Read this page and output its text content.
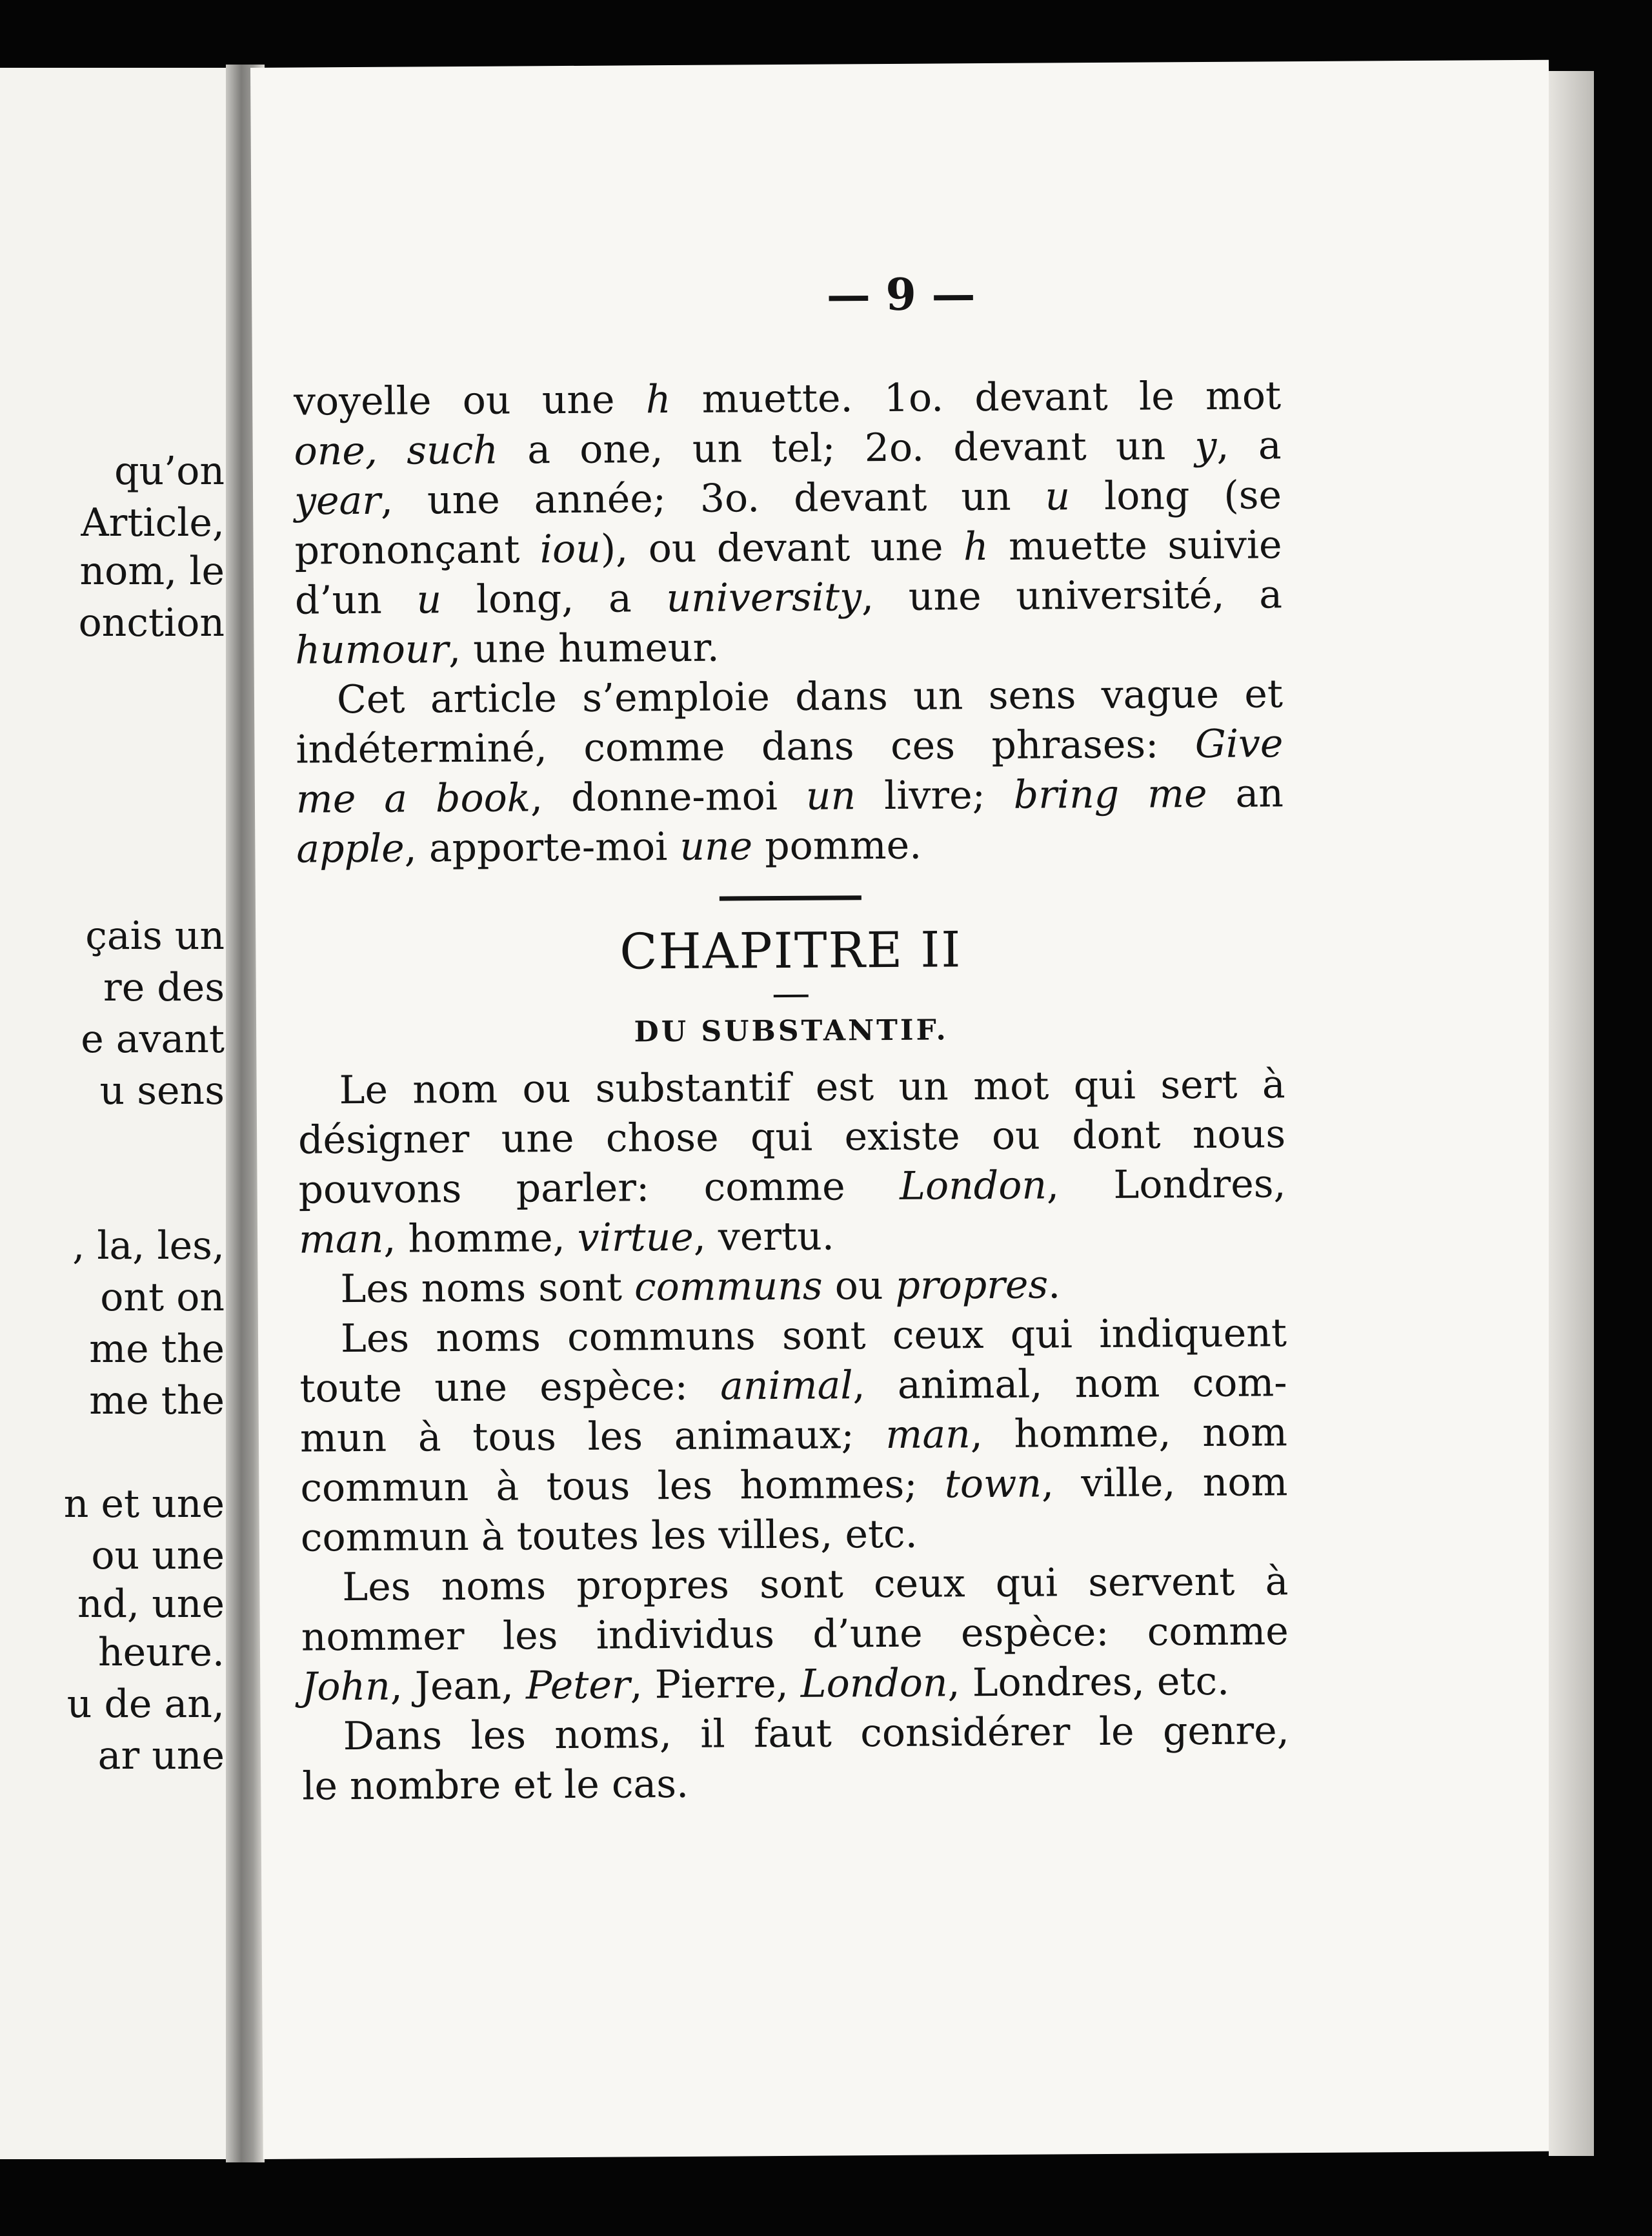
qu’on
Article,
nom, le
onction
çais un
re des
e avant
u sens
, la, les,
ont on
me the
me the
n et une
ou une
nd, une
heure.
u de an,
ar une
— 9 —
voyelle ou une h muette. 1o. devant le mot
one, such a one, un tel; 2o. devant un y, a
year, une année; 3o. devant un u long (se
prononçant iou), ou devant une h muette suivie
d’un u long, a university, une université, a
humour, une humeur.
Cet article s’emploie dans un sens vague et
indéterminé, comme dans ces phrases: Give
me a book, donne-moi un livre; bring me an
apple, apporte-moi une pomme.
CHAPITRE II
DU SUBSTANTIF.
Le nom ou substantif est un mot qui sert à
désigner une chose qui existe ou dont nous
pouvons parler: comme London, Londres,
man, homme, virtue, vertu.
Les noms sont communs ou propres.
Les noms communs sont ceux qui indiquent
toute une espèce: animal, animal, nom com-
mun à tous les animaux; man, homme, nom
commun à tous les hommes; town, ville, nom
commun à toutes les villes, etc.
Les noms propres sont ceux qui servent à
nommer les individus d’une espèce: comme
John, Jean, Peter, Pierre, London, Londres, etc.
Dans les noms, il faut considérer le genre,
le nombre et le cas.
